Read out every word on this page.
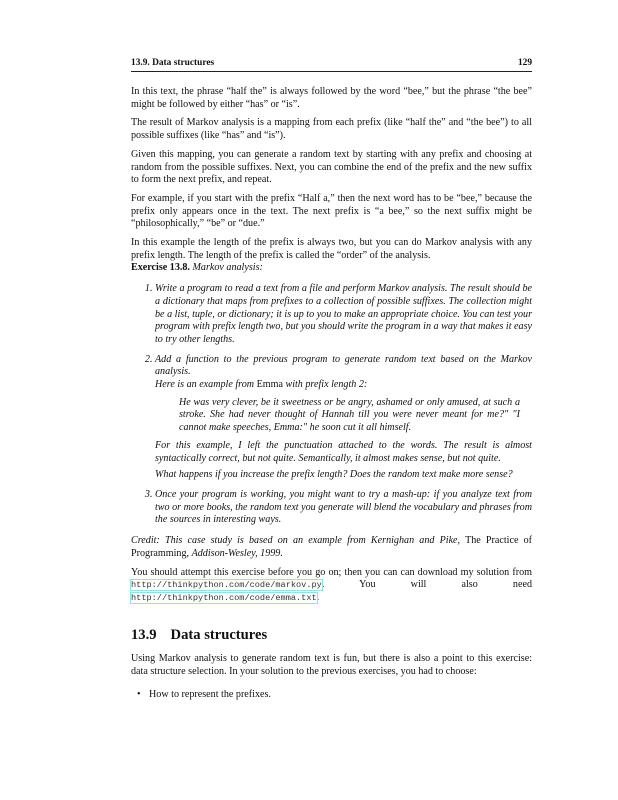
13.9. Data structures	129

In this text, the phrase “half the” is always followed by the word “bee,” but the phrase “the bee” might be followed by either “has” or “is”.

The result of Markov analysis is a mapping from each prefix (like “half the” and “the bee”) to all possible suffixes (like “has” and “is”).

Given this mapping, you can generate a random text by starting with any prefix and choosing at random from the possible suffixes. Next, you can combine the end of the prefix and the new suffix to form the next prefix, and repeat.

For example, if you start with the prefix “Half a,” then the next word has to be “bee,” because the prefix only appears once in the text. The next prefix is “a bee,” so the next suffix might be “philosophically,” “be” or “due.”

In this example the length of the prefix is always two, but you can do Markov analysis with any prefix length. The length of the prefix is called the “order” of the analysis.

Exercise 13.8. Markov analysis:

1. Write a program to read a text from a file and perform Markov analysis. The result should be a dictionary that maps from prefixes to a collection of possible suffixes. The collection might be a list, tuple, or dictionary; it is up to you to make an appropriate choice. You can test your program with prefix length two, but you should write the program in a way that makes it easy to try other lengths.

2. Add a function to the previous program to generate random text based on the Markov analysis.
Here is an example from Emma with prefix length 2:

He was very clever, be it sweetness or be angry, ashamed or only amused, at such a stroke. She had never thought of Hannah till you were never meant for me?" "I cannot make speeches, Emma:" he soon cut it all himself.

For this example, I left the punctuation attached to the words. The result is almost syntactically correct, but not quite. Semantically, it almost makes sense, but not quite.

What happens if you increase the prefix length? Does the random text make more sense?

3. Once your program is working, you might want to try a mash-up: if you analyze text from two or more books, the random text you generate will blend the vocabulary and phrases from the sources in interesting ways.

Credit: This case study is based on an example from Kernighan and Pike, The Practice of Programming, Addison-Wesley, 1999.

You should attempt this exercise before you go on; then you can can download my solution from http://thinkpython.com/code/markov.py. You will also need http://thinkpython.com/code/emma.txt.

13.9 Data structures

Using Markov analysis to generate random text is fun, but there is also a point to this exercise: data structure selection. In your solution to the previous exercises, you had to choose:

• How to represent the prefixes.
